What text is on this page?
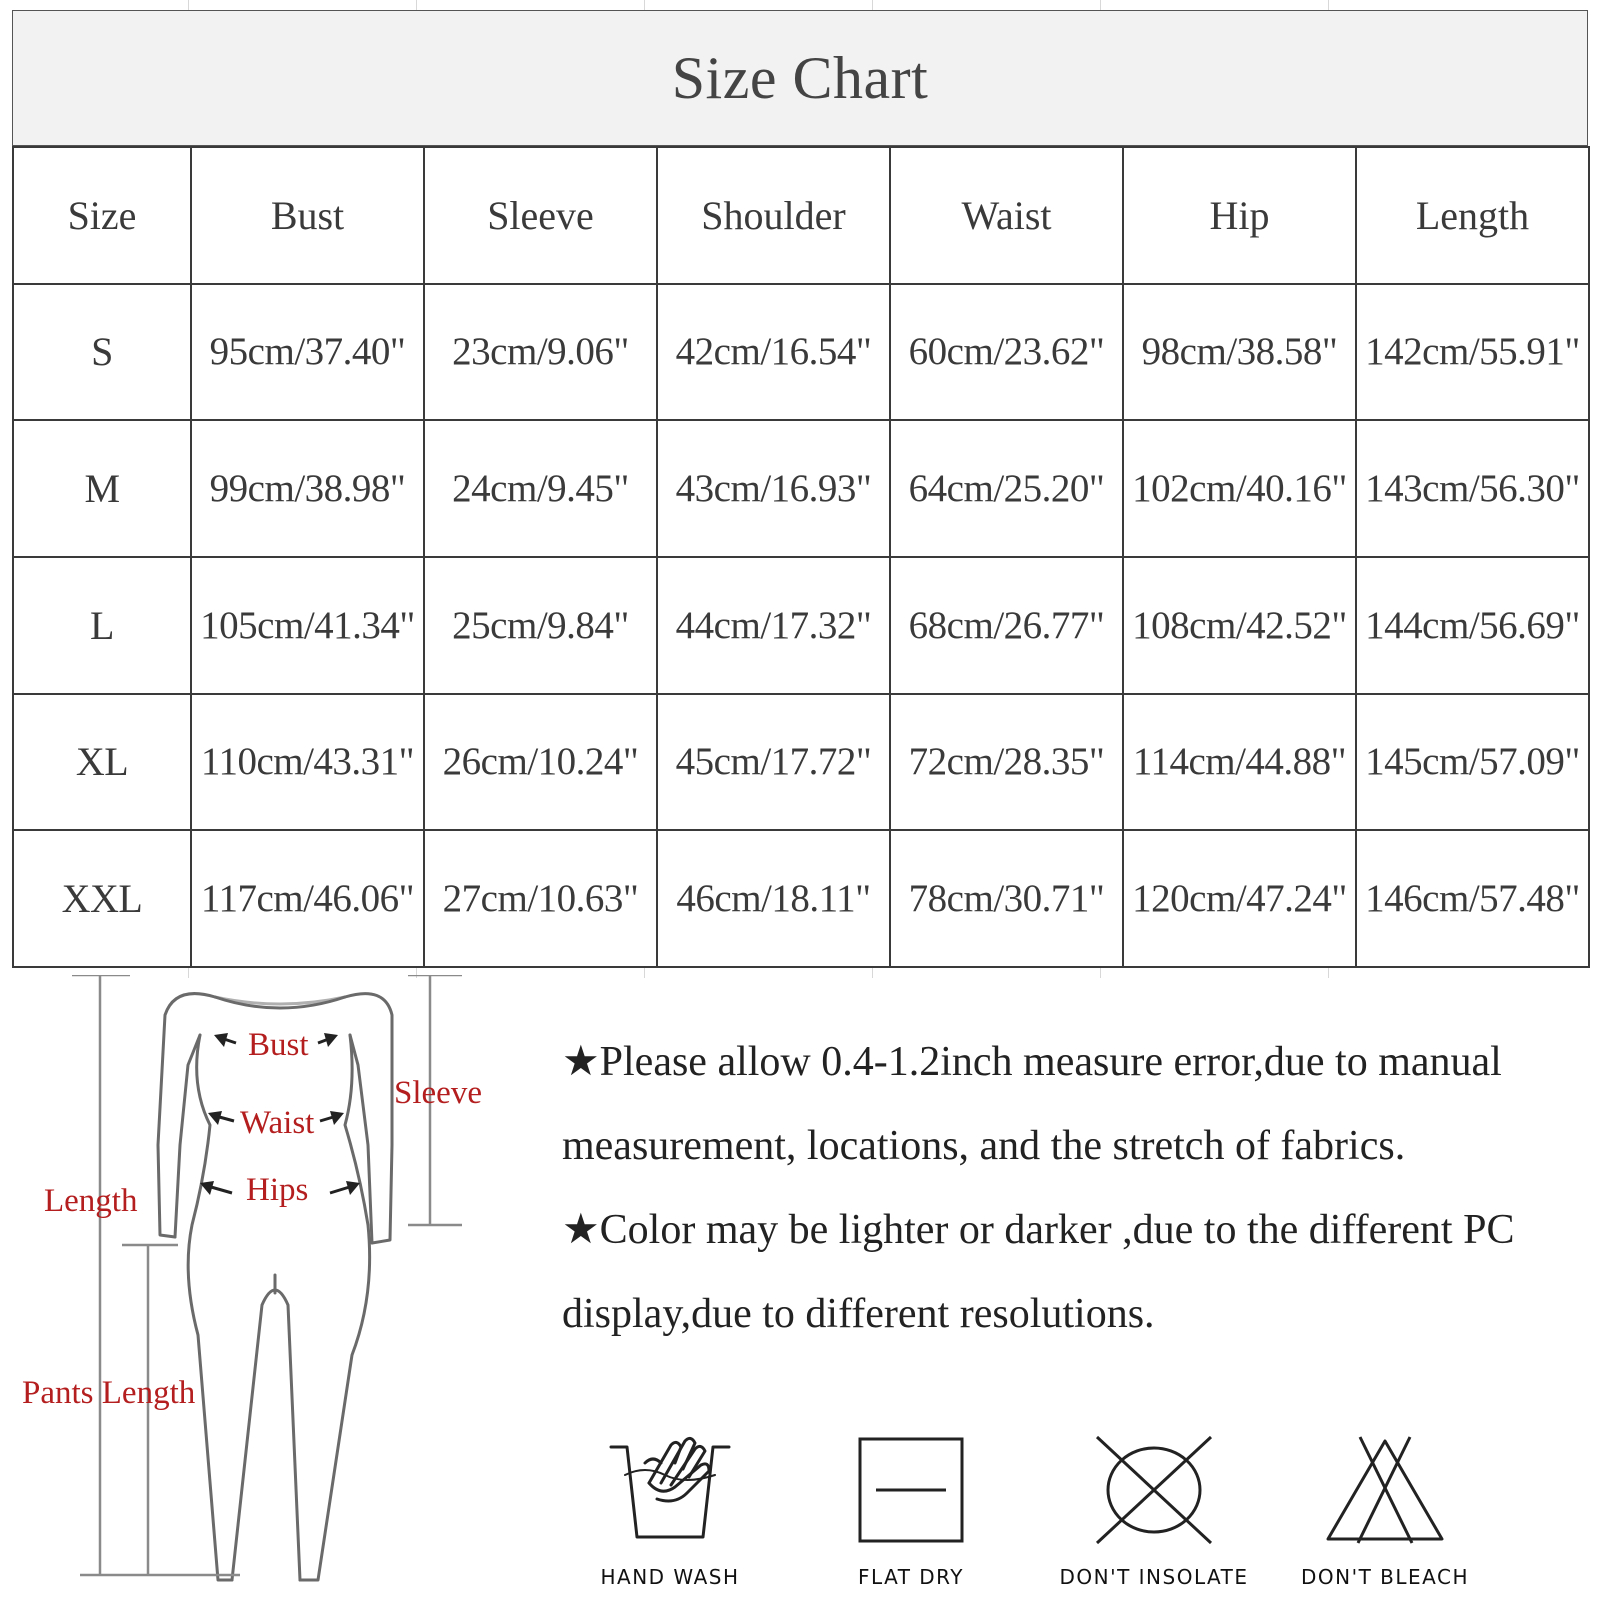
Size Chart
Size	Bust	Sleeve	Shoulder	Waist	Hip	Length
S	95cm/37.40"	23cm/9.06"	42cm/16.54"	60cm/23.62"	98cm/38.58"	142cm/55.91"
M	99cm/38.98"	24cm/9.45"	43cm/16.93"	64cm/25.20"	102cm/40.16"	143cm/56.30"
L	105cm/41.34"	25cm/9.84"	44cm/17.32"	68cm/26.77"	108cm/42.52"	144cm/56.69"
XL	110cm/43.31"	26cm/10.24"	45cm/17.72"	72cm/28.35"	114cm/44.88"	145cm/57.09"
XXL	117cm/46.06"	27cm/10.63"	46cm/18.11"	78cm/30.71"	120cm/47.24"	146cm/57.48"
Bust
Waist
Hips
Sleeve
Length
Pants Length

★Please allow 0.4-1.2inch measure error,due to manual measurement, locations, and the stretch of fabrics.

★Color may be lighter or darker ,due to the different PC display,due to different resolutions.

HAND WASH	FLAT DRY	DON'T INSOLATE	DON'T BLEACH
